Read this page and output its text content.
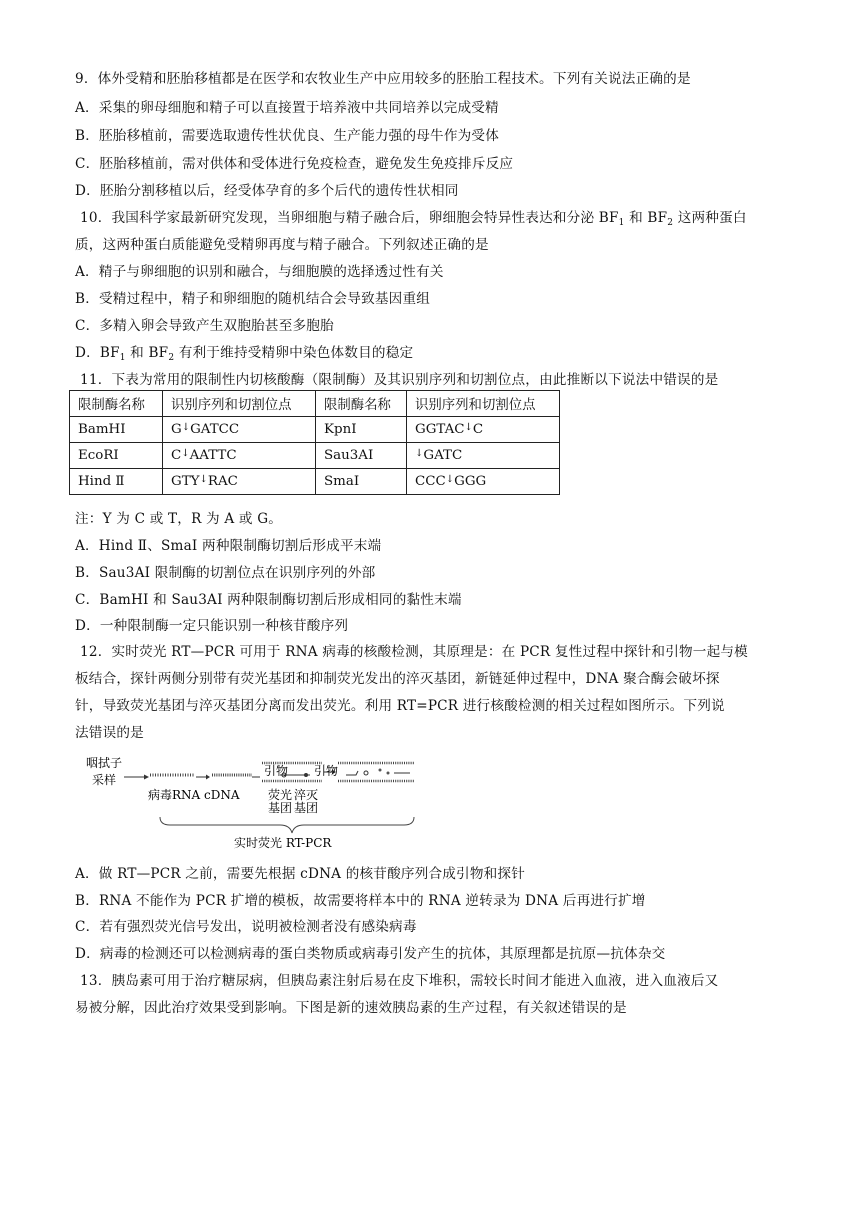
9．体外受精和胚胎移植都是在医学和农牧业生产中应用较多的胚胎工程技术。下列有关说法正确的是
A．采集的卵母细胞和精子可以直接置于培养液中共同培养以完成受精
B．胚胎移植前，需要选取遗传性状优良、生产能力强的母牛作为受体
C．胚胎移植前，需对供体和受体进行免疫检查，避免发生免疫排斥反应
D．胚胎分割移植以后，经受体孕育的多个后代的遗传性状相同
10．我国科学家最新研究发现，当卵细胞与精子融合后，卵细胞会特异性表达和分泌 $BF_1$ 和 $BF_2$ 这两种蛋白
质，这两种蛋白质能避免受精卵再度与精子融合。下列叙述正确的是
A．精子与卵细胞的识别和融合，与细胞膜的选择透过性有关
B．受精过程中，精子和卵细胞的随机结合会导致基因重组
C．多精入卵会导致产生双胞胎甚至多胞胎
D．$BF_1$ 和 $BF_2$ 有利于维持受精卵中染色体数目的稳定
11．下表为常用的限制性内切核酸酶（限制酶）及其识别序列和切割位点，由此推断以下说法中错误的是
限制酶名称	识别序列和切割位点	限制酶名称	识别序列和切割位点
BamHI	G↓GATCC	KpnI	GGTAC↓C
EcoRI	C↓AATTC	Sau3AI	↓GATC
Hind Ⅱ	GTY↓RAC	SmaI	CCC↓GGG
注：Y 为 C 或 T，R 为 A 或 G。
A．Hind Ⅱ、SmaI 两种限制酶切割后形成平末端
B．Sau3AI 限制酶的切割位点在识别序列的外部
C．BamHI 和 Sau3AI 两种限制酶切割后形成相同的黏性末端
D．一种限制酶一定只能识别一种核苷酸序列
12．实时荧光 RT—PCR 可用于 RNA 病毒的核酸检测，其原理是：在 PCR 复性过程中探针和引物一起与模
板结合，探针两侧分别带有荧光基团和抑制荧光发出的淬灭基团，新链延伸过程中，DNA 聚合酶会破坏探
针，导致荧光基团与淬灭基团分离而发出荧光。利用 RT=PCR 进行核酸检测的相关过程如图所示。下列说
法错误的是
咽拭子
采样
病毒RNA cDNA
引物 引物
荧光
基团
淬灭
基团
实时荧光 RT-PCR
A．做 RT—PCR 之前，需要先根据 cDNA 的核苷酸序列合成引物和探针
B．RNA 不能作为 PCR 扩增的模板，故需要将样本中的 RNA 逆转录为 DNA 后再进行扩增
C．若有强烈荧光信号发出，说明被检测者没有感染病毒
D．病毒的检测还可以检测病毒的蛋白类物质或病毒引发产生的抗体，其原理都是抗原—抗体杂交
13．胰岛素可用于治疗糖尿病，但胰岛素注射后易在皮下堆积，需较长时间才能进入血液，进入血液后又
易被分解，因此治疗效果受到影响。下图是新的速效胰岛素的生产过程，有关叙述错误的是
